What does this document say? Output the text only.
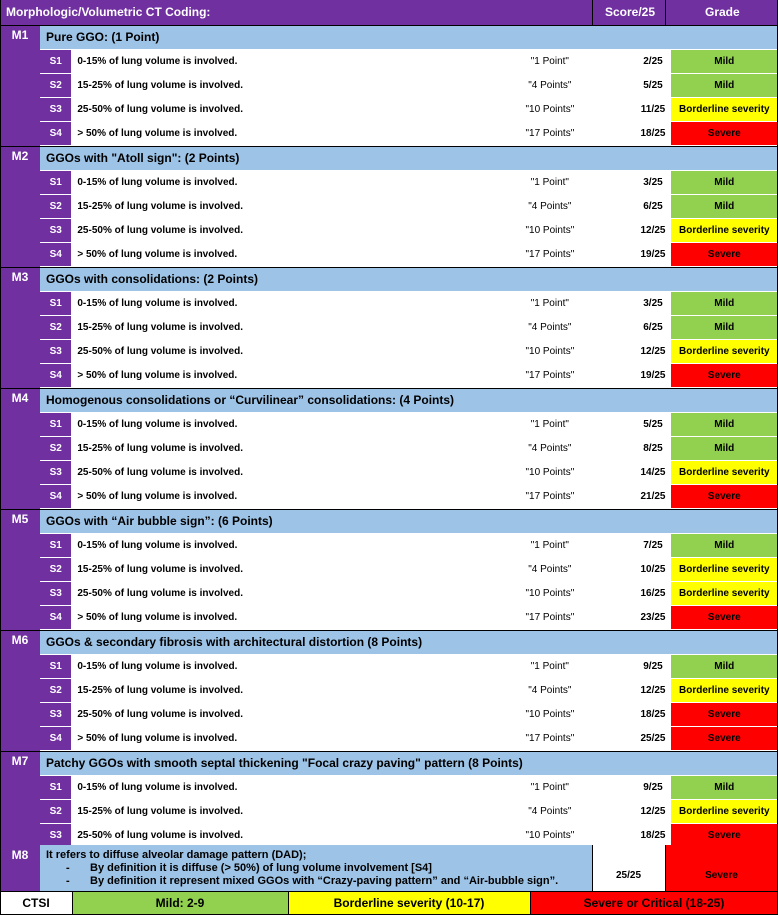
Morphologic/Volumetric CT Coding:	Score/25	Grade
M1	Pure GGO: (1 Point)
S1	0-15% of lung volume is involved.	"1 Point"	2/25	Mild
S2	15-25% of lung volume is involved.	"4 Points"	5/25	Mild
S3	25-50% of lung volume is involved.	"10 Points"	11/25	Borderline severity
S4	> 50% of lung volume is involved.	"17 Points"	18/25	Severe
M2	GGOs with "Atoll sign": (2 Points)
S1	0-15% of lung volume is involved.	"1 Point"	3/25	Mild
S2	15-25% of lung volume is involved.	"4 Points"	6/25	Mild
S3	25-50% of lung volume is involved.	"10 Points"	12/25	Borderline severity
S4	> 50% of lung volume is involved.	"17 Points"	19/25	Severe
M3	GGOs with consolidations: (2 Points)
S1	0-15% of lung volume is involved.	"1 Point"	3/25	Mild
S2	15-25% of lung volume is involved.	"4 Points"	6/25	Mild
S3	25-50% of lung volume is involved.	"10 Points"	12/25	Borderline severity
S4	> 50% of lung volume is involved.	"17 Points"	19/25	Severe
M4	Homogenous consolidations or “Curvilinear” consolidations: (4 Points)
S1	0-15% of lung volume is involved.	"1 Point"	5/25	Mild
S2	15-25% of lung volume is involved.	"4 Points"	8/25	Mild
S3	25-50% of lung volume is involved.	"10 Points"	14/25	Borderline severity
S4	> 50% of lung volume is involved.	"17 Points"	21/25	Severe
M5	GGOs with “Air bubble sign”: (6 Points)
S1	0-15% of lung volume is involved.	"1 Point"	7/25	Mild
S2	15-25% of lung volume is involved.	"4 Points"	10/25	Borderline severity
S3	25-50% of lung volume is involved.	"10 Points"	16/25	Borderline severity
S4	> 50% of lung volume is involved.	"17 Points"	23/25	Severe
M6	GGOs & secondary fibrosis with architectural distortion (8 Points)
S1	0-15% of lung volume is involved.	"1 Point"	9/25	Mild
S2	15-25% of lung volume is involved.	"4 Points"	12/25	Borderline severity
S3	25-50% of lung volume is involved.	"10 Points"	18/25	Severe
S4	> 50% of lung volume is involved.	"17 Points"	25/25	Severe
M7	Patchy GGOs with smooth septal thickening "Focal crazy paving" pattern (8 Points)
S1	0-15% of lung volume is involved.	"1 Point"	9/25	Mild
S2	15-25% of lung volume is involved.	"4 Points"	12/25	Borderline severity
S3	25-50% of lung volume is involved.	"10 Points"	18/25	Severe
M8	It refers to diffuse alveolar damage pattern (DAD);
-	By definition it is diffuse (> 50%) of lung volume involvement [S4]
-	By definition it represent mixed GGOs with “Crazy-paving pattern” and “Air-bubble sign”.	25/25	Severe
CTSI	Mild: 2-9	Borderline severity (10-17)	Severe or Critical (18-25)
